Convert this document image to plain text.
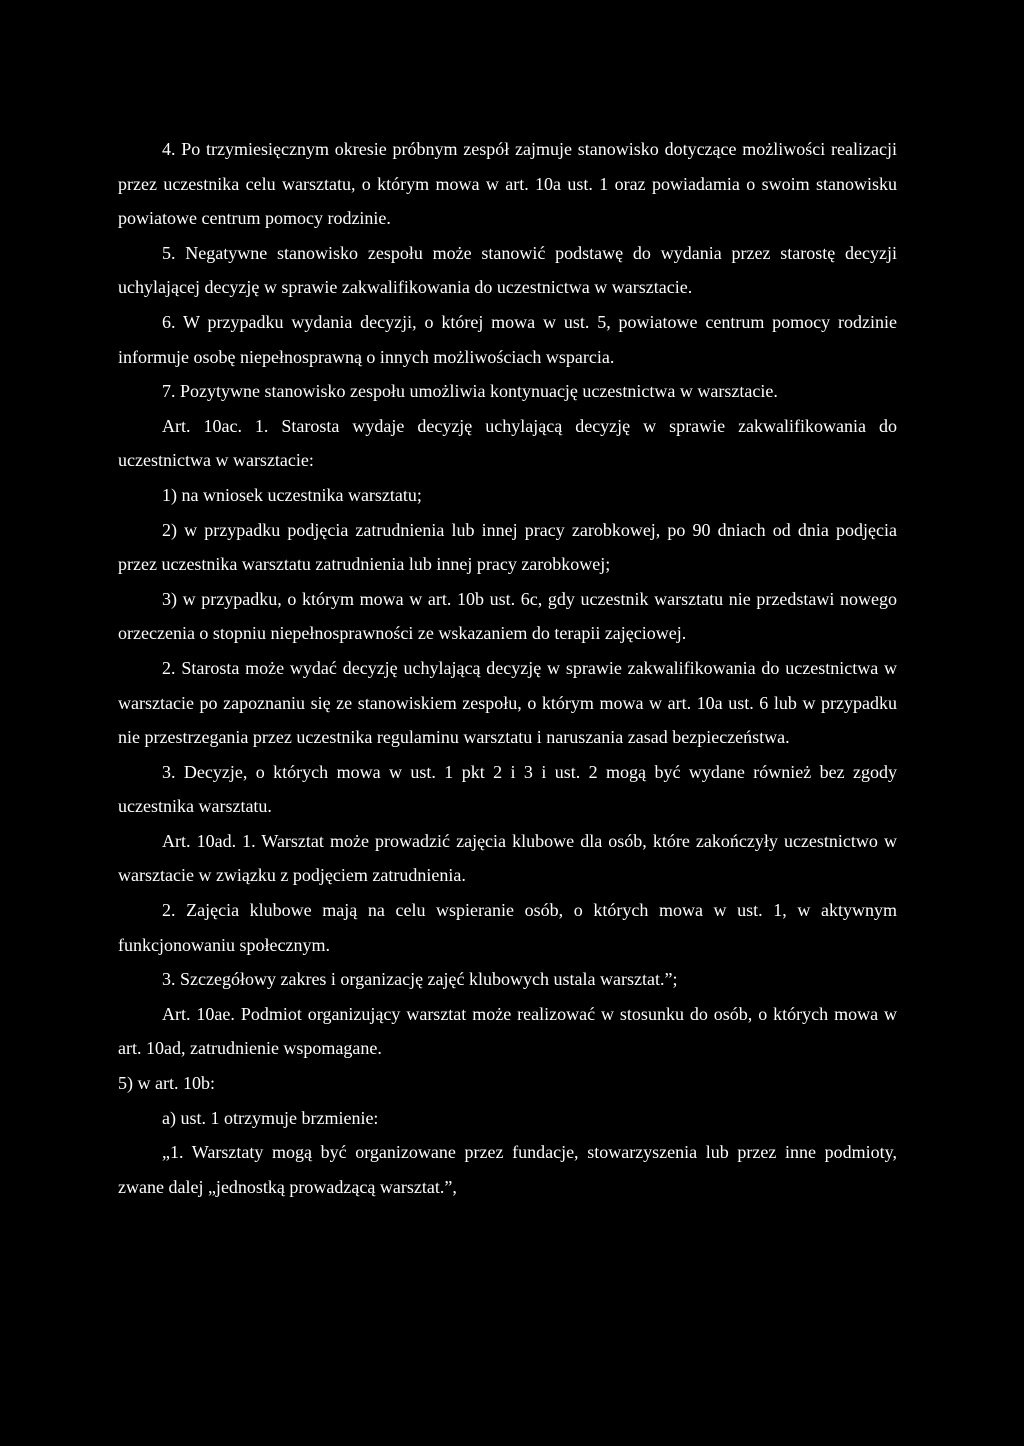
4. Po trzymiesięcznym okresie próbnym zespół zajmuje stanowisko dotyczące możliwości realizacji przez uczestnika celu warsztatu, o którym mowa w art. 10a ust. 1 oraz powiadamia o swoim stanowisku powiatowe centrum pomocy rodzinie.

5. Negatywne stanowisko zespołu może stanowić podstawę do wydania przez starostę decyzji uchylającej decyzję w sprawie zakwalifikowania do uczestnictwa w warsztacie.

6. W przypadku wydania decyzji, o której mowa w ust. 5, powiatowe centrum pomocy rodzinie informuje osobę niepełnosprawną o innych możliwościach wsparcia.

7. Pozytywne stanowisko zespołu umożliwia kontynuację uczestnictwa w warsztacie.

Art. 10ac. 1. Starosta wydaje decyzję uchylającą decyzję w sprawie zakwalifikowania do uczestnictwa w warsztacie:

1) na wniosek uczestnika warsztatu;

2) w przypadku podjęcia zatrudnienia lub innej pracy zarobkowej, po 90 dniach od dnia podjęcia przez uczestnika warsztatu zatrudnienia lub innej pracy zarobkowej;

3) w przypadku, o którym mowa w art. 10b ust. 6c, gdy uczestnik warsztatu nie przedstawi nowego orzeczenia o stopniu niepełnosprawności ze wskazaniem do terapii zajęciowej.

2. Starosta może wydać decyzję uchylającą decyzję w sprawie zakwalifikowania do uczestnictwa w warsztacie po zapoznaniu się ze stanowiskiem zespołu, o którym mowa w art. 10a ust. 6 lub w przypadku nie przestrzegania przez uczestnika regulaminu warsztatu i naruszania zasad bezpieczeństwa.

3. Decyzje, o których mowa w ust. 1 pkt 2 i 3 i ust. 2 mogą być wydane również bez zgody uczestnika warsztatu.

Art. 10ad. 1. Warsztat może prowadzić zajęcia klubowe dla osób, które zakończyły uczestnictwo w warsztacie w związku z podjęciem zatrudnienia.

2. Zajęcia klubowe mają na celu wspieranie osób, o których mowa w ust. 1, w aktywnym funkcjonowaniu społecznym.

3. Szczegółowy zakres i organizację zajęć klubowych ustala warsztat.”;

Art. 10ae. Podmiot organizujący warsztat może realizować w stosunku do osób, o których mowa w art. 10ad, zatrudnienie wspomagane.

5) w art. 10b:

a) ust. 1 otrzymuje brzmienie:

„1. Warsztaty mogą być organizowane przez fundacje, stowarzyszenia lub przez inne podmioty, zwane dalej „jednostką prowadzącą warsztat.”,
